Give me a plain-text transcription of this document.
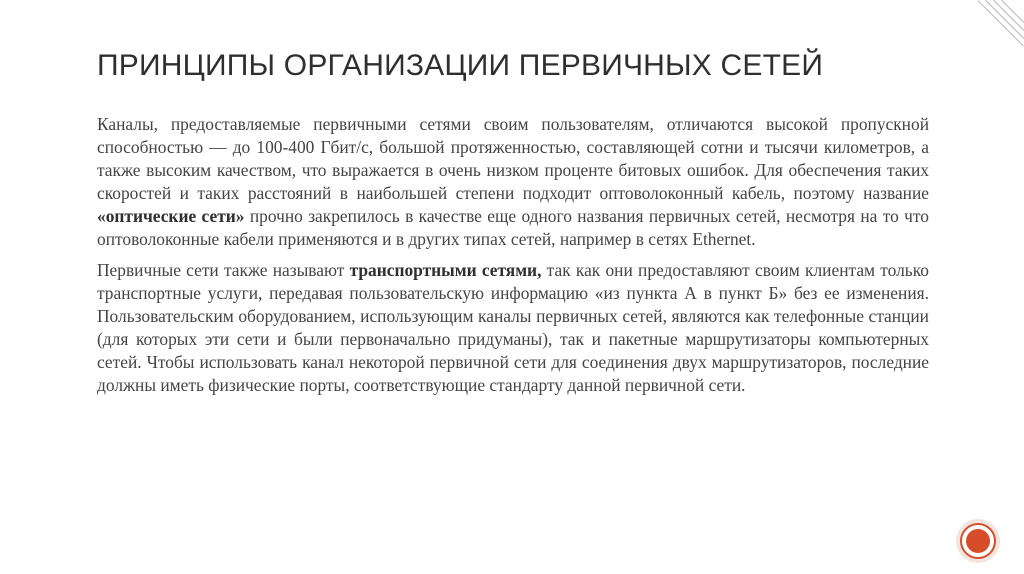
ПРИНЦИПЫ ОРГАНИЗАЦИИ ПЕРВИЧНЫХ СЕТЕЙ

Каналы, предоставляемые первичными сетями своим пользователям, отличаются высокой пропускной способностью — до 100-400 Гбит/с, большой протяженностью, составляющей сотни и тысячи километров, а также высоким качеством, что выражается в очень низком проценте битовых ошибок. Для обеспечения таких скоростей и таких расстояний в наибольшей степени подходит оптоволоконный кабель, поэтому название «оптические сети» прочно закрепилось в качестве еще одного названия первичных сетей, несмотря на то что оптоволоконные кабели применяются и в других типах сетей, например в сетях Ethernet.

Первичные сети также называют транспортными сетями, так как они предоставляют своим клиентам только транспортные услуги, передавая пользовательскую информацию «из пункта А в пункт Б» без ее изменения. Пользовательским оборудованием, использующим каналы первичных сетей, являются как телефонные станции (для которых эти сети и были первоначально придуманы), так и пакетные маршрутизаторы компьютерных сетей. Чтобы использовать канал некоторой первичной сети для соединения двух маршрутизаторов, последние должны иметь физические порты, соответствующие стандарту данной первичной сети.
